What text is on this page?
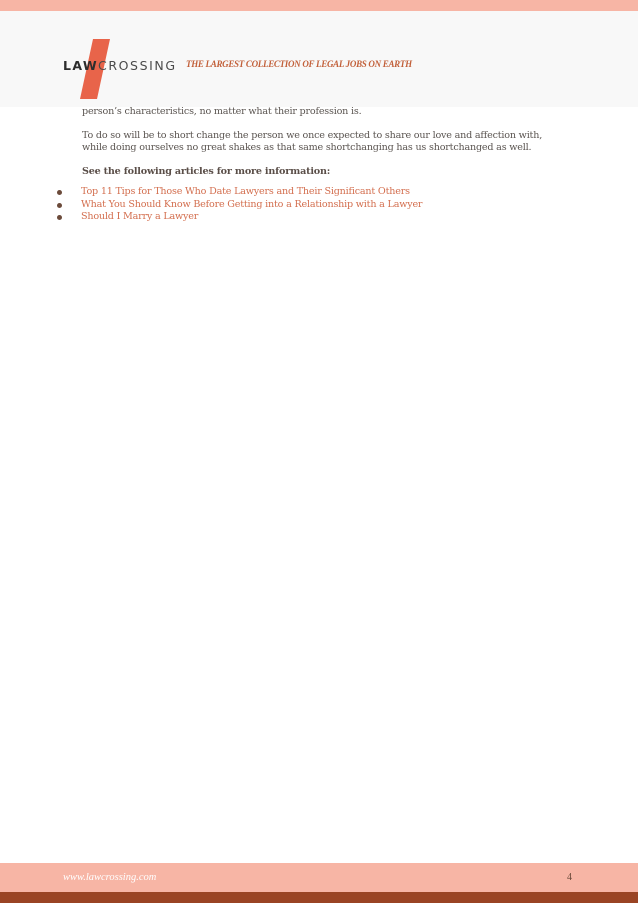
LAW CROSSING THE LARGEST COLLECTION OF LEGAL JOBS ON EARTH

person’s characteristics, no matter what their profession is.

To do so will be to short change the person we once expected to share our love and affection with, while doing ourselves no great shakes as that same shortchanging has us shortchanged as well.

See the following articles for more information:

Top 11 Tips for Those Who Date Lawyers and Their Significant Others
What You Should Know Before Getting into a Relationship with a Lawyer
Should I Marry a Lawyer
www.lawcrossing.com	4
